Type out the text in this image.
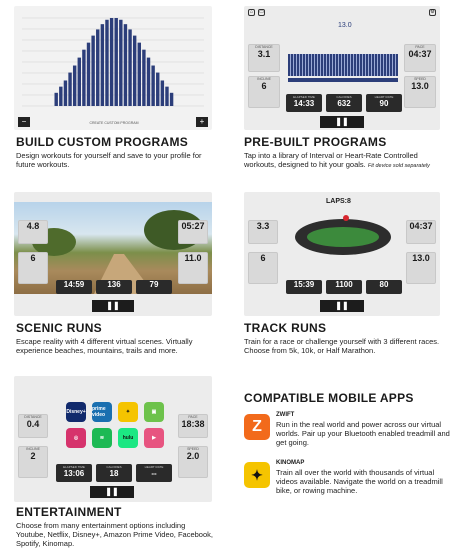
−	CREATE CUSTOM PROGRAM	+
BUILD CUSTOM PROGRAMS
Design workouts for yourself and save to your profile for future workouts.
⌂	▭	⚙
13.0
DISTANCE
3.1
PACE
04:37
INCLINE
6
SPEED
13.0
ELAPSED TIME
14:33
CALORIES
632
HEART RATE
90
❚❚
PRE-BUILT PROGRAMS
Tap into a library of Interval or Heart-Rate Controlled workouts, designed to hit your goals. Fit device sold separately
4.8	05:27
6	11.0
14:59	136	79
❚❚
SCENIC RUNS
Escape reality with 4 different virtual scenes. Virtually experience beaches, mountains, trails and more.
LAPS:8
3.3	04:37
6	13.0
15:39	1100	80
❚❚
TRACK RUNS
Train for a race or challenge yourself with 3 different races. Choose from 5k, 10k, or Half Marathon.
DISTANCE
0.4
PACE
18:38
INCLINE
2
SPEED
2.0
Disney+ prime video	✦	▣
◎	≋	hulu	▶
ELAPSED TIME
13:06
CALORIES
18
HEART RATE
--
❚❚
ENTERTAINMENT
Choose from many entertainment options including Youtube, Netflix, Disney+, Amazon Prime Video, Facebook, Spotify, Kinomap.
COMPATIBLE MOBILE APPS
Z
ZWIFT
Run in the real world and power across our virtual worlds. Pair up your Bluetooth enabled treadmill and get going.
✦
KINOMAP
Train all over the world with thousands of virtual videos available. Navigate the world on a treadmill bike, or rowing machine.
